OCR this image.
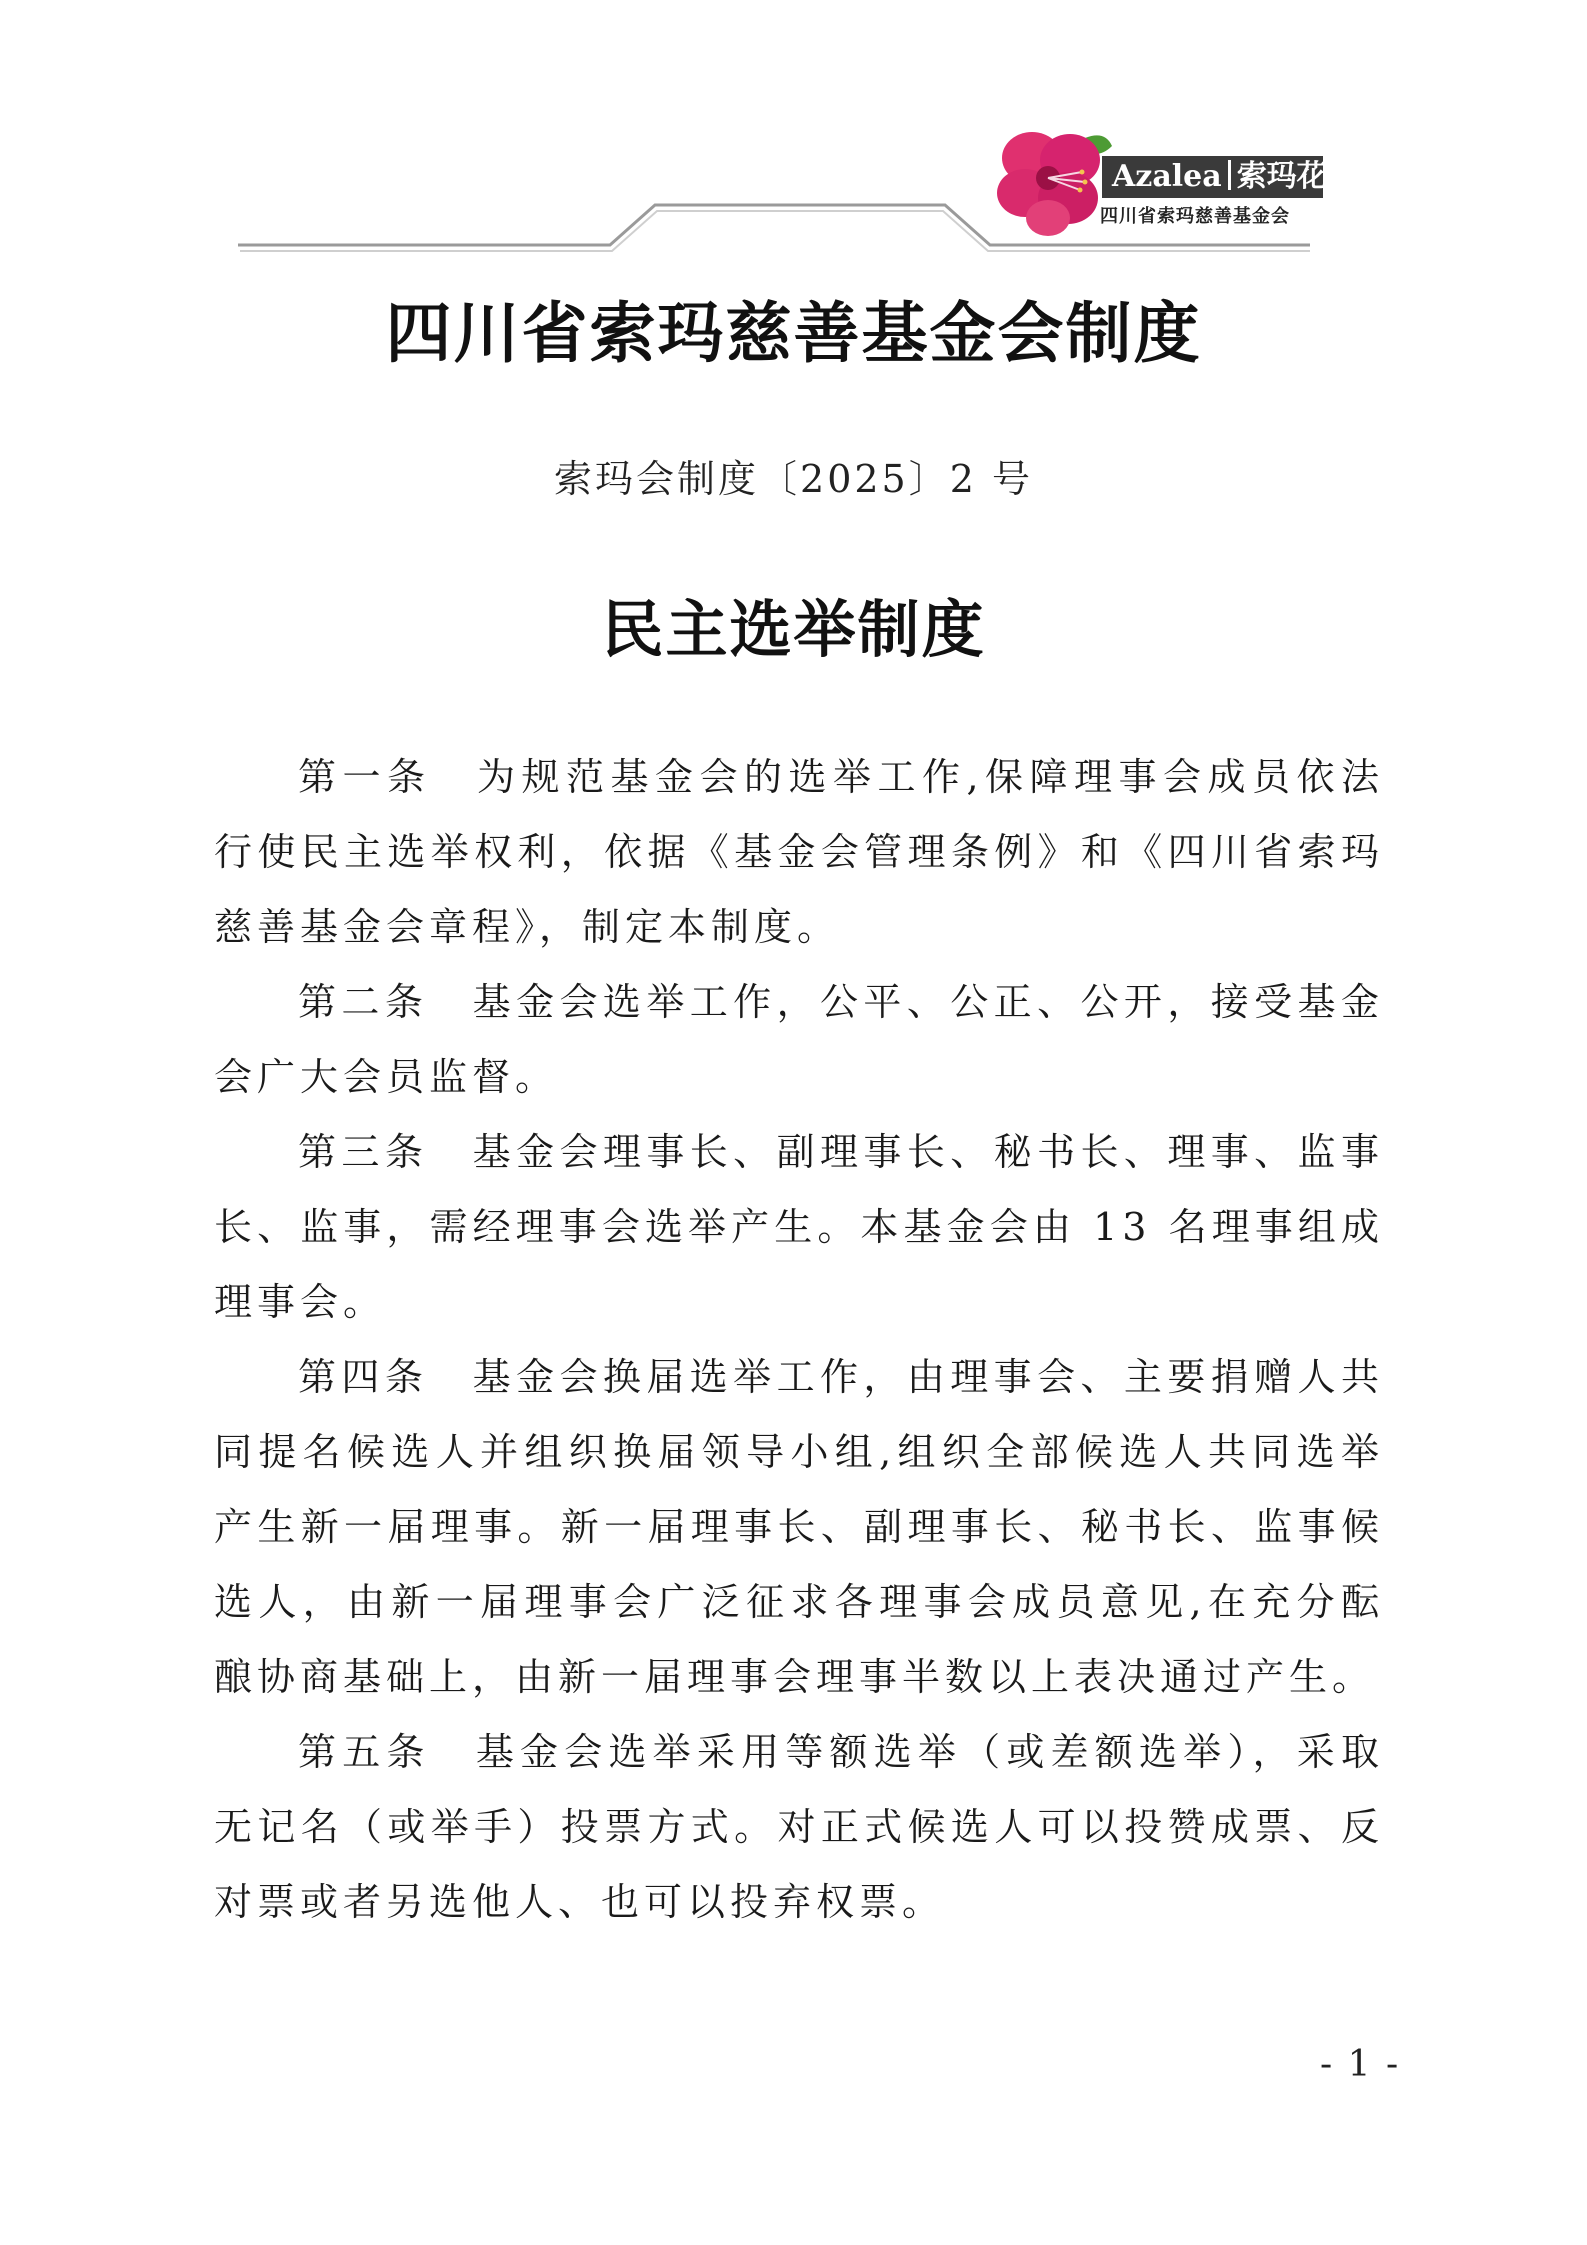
Azalea 索玛花
四川省索玛慈善基金会
四川省索玛慈善基金会制度
索玛会制度〔2025〕2 号
民主选举制度

第一条 为规范基金会的选举工作,保障理事会成员依法行使民主选举权利，依据《基金会管理条例》和《四川省索玛慈善基金会章程》，制定本制度。

第二条 基金会选举工作，公平、公正、公开，接受基金会广大会员监督。

第三条 基金会理事长、副理事长、秘书长、理事、监事长、监事，需经理事会选举产生。本基金会由 13 名理事组成理事会。

第四条 基金会换届选举工作，由理事会、主要捐赠人共同提名候选人并组织换届领导小组,组织全部候选人共同选举产生新一届理事。新一届理事长、副理事长、秘书长、监事候选人，由新一届理事会广泛征求各理事会成员意见,在充分酝酿协商基础上，由新一届理事会理事半数以上表决通过产生。

第五条 基金会选举采用等额选举（或差额选举），采取无记名（或举手）投票方式。对正式候选人可以投赞成票、反对票或者另选他人、也可以投弃权票。

- 1 -
